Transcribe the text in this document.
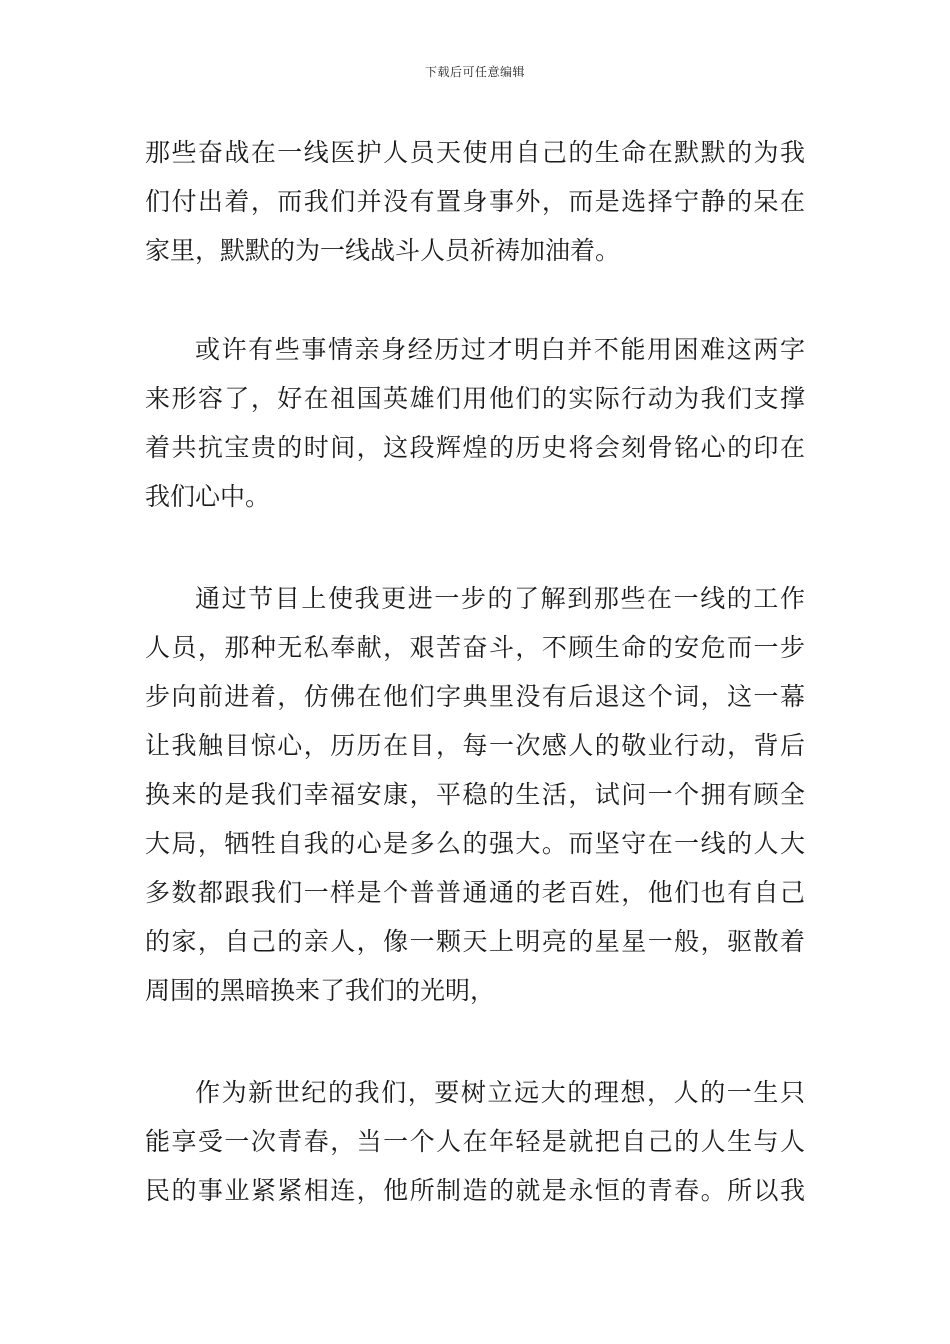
下载后可任意编辑
那些奋战在一线医护人员天使用自己的生命在默默的为我
们付出着，而我们并没有置身事外，而是选择宁静的呆在
家里，默默的为一线战斗人员祈祷加油着。
或许有些事情亲身经历过才明白并不能用困难这两字
来形容了，好在祖国英雄们用他们的实际行动为我们支撑
着共抗宝贵的时间，这段辉煌的历史将会刻骨铭心的印在
我们心中。
通过节目上使我更进一步的了解到那些在一线的工作
人员，那种无私奉献，艰苦奋斗，不顾生命的安危而一步
步向前进着，仿佛在他们字典里没有后退这个词，这一幕
让我触目惊心，历历在目，每一次感人的敬业行动，背后
换来的是我们幸福安康，平稳的生活，试问一个拥有顾全
大局，牺牲自我的心是多么的强大。而坚守在一线的人大
多数都跟我们一样是个普普通通的老百姓，他们也有自己
的家，自己的亲人，像一颗天上明亮的星星一般，驱散着
周围的黑暗换来了我们的光明，
作为新世纪的我们，要树立远大的理想，人的一生只
能享受一次青春，当一个人在年轻是就把自己的人生与人
民的事业紧紧相连，他所制造的就是永恒的青春。所以我
